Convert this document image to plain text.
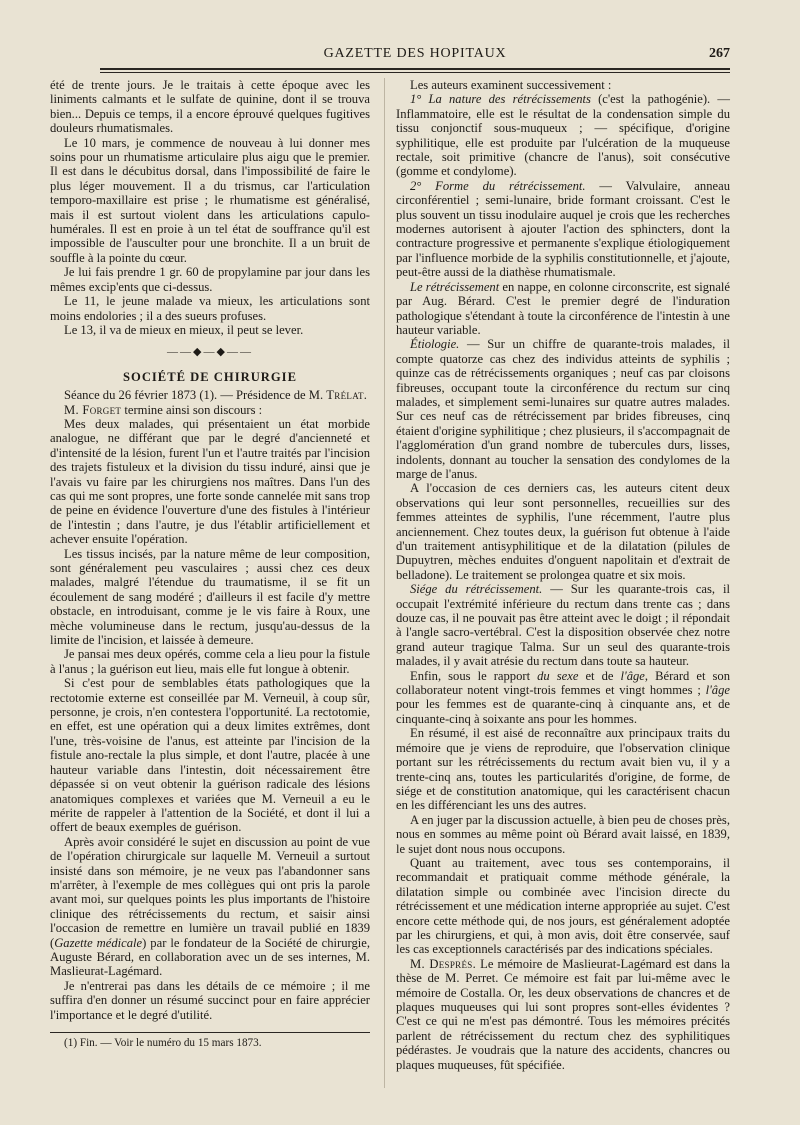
GAZETTE DES HOPITAUX	267

été de trente jours. Je le traitais à cette époque avec les liniments calmants et le sulfate de quinine, dont il se trouva bien... Depuis ce temps, il a encore éprouvé quelques fugitives douleurs rhumatismales.

Le 10 mars, je commence de nouveau à lui donner mes soins pour un rhumatisme articulaire plus aigu que le premier. Il est dans le décubitus dorsal, dans l'impossibilité de faire le plus léger mouvement. Il a du trismus, car l'articulation temporo-maxillaire est prise ; le rhumatisme est généralisé, mais il est surtout violent dans les articulations capulo-humérales. Il est en proie à un tel état de souffrance qu'il est impossible de l'ausculter pour une bronchite. Il a un bruit de souffle à la pointe du cœur.

Je lui fais prendre 1 gr. 60 de propylamine par jour dans les mêmes excip'ents que ci-dessus.

Le 11, le jeune malade va mieux, les articulations sont moins endolories ; il a des sueurs profuses.

Le 13, il va de mieux en mieux, il peut se lever.

——◆—◆——
SOCIÉTÉ DE CHIRURGIE

Séance du 26 février 1873 (1). — Présidence de M. Trélat.

M. Forget termine ainsi son discours :

Mes deux malades, qui présentaient un état morbide analogue, ne différant que par le degré d'ancienneté et d'intensité de la lésion, furent l'un et l'autre traités par l'incision des trajets fistuleux et la division du tissu induré, ainsi que je l'avais vu faire par les chirurgiens nos maîtres. Dans l'un des cas qui me sont propres, une forte sonde cannelée mit sans trop de peine en évidence l'ouverture d'une des fistules à l'intérieur de l'intestin ; dans l'autre, je dus l'établir artificiellement et achever ensuite l'opération.

Les tissus incisés, par la nature même de leur composition, sont généralement peu vasculaires ; aussi chez ces deux malades, malgré l'étendue du traumatisme, il se fit un écoulement de sang modéré ; d'ailleurs il est facile d'y mettre obstacle, en introduisant, comme je le vis faire à Roux, une mèche volumineuse dans le rectum, jusqu'au-dessus de la limite de l'incision, et laissée à demeure.

Je pansai mes deux opérés, comme cela a lieu pour la fistule à l'anus ; la guérison eut lieu, mais elle fut longue à obtenir.

Si c'est pour de semblables états pathologiques que la rectotomie externe est conseillée par M. Verneuil, à coup sûr, personne, je crois, n'en contestera l'opportunité. La rectotomie, en effet, est une opération qui a deux limites extrêmes, dont l'une, très-voisine de l'anus, est atteinte par l'incision de la fistule ano-rectale la plus simple, et dont l'autre, placée à une hauteur variable dans l'intestin, doit nécessairement être dépassée si on veut obtenir la guérison radicale des lésions anatomiques complexes et variées que M. Verneuil a eu le mérite de rappeler à l'attention de la Société, et dont il lui a offert de beaux exemples de guérison.

Après avoir considéré le sujet en discussion au point de vue de l'opération chirurgicale sur laquelle M. Verneuil a surtout insisté dans son mémoire, je ne veux pas l'abandonner sans m'arrêter, à l'exemple de mes collègues qui ont pris la parole avant moi, sur quelques points les plus importants de l'histoire clinique des rétrécissements du rectum, et saisir ainsi l'occasion de remettre en lumière un travail publié en 1839 (Gazette médicale) par le fondateur de la Société de chirurgie, Auguste Bérard, en collaboration avec un de ses internes, M. Maslieurat-Lagémard.

Je n'entrerai pas dans les détails de ce mémoire ; il me suffira d'en donner un résumé succinct pour en faire apprécier l'importance et le degré d'utilité.

(1) Fin. — Voir le numéro du 15 mars 1873.

Les auteurs examinent successivement :

1° La nature des rétrécissements (c'est la pathogénie). — Inflammatoire, elle est le résultat de la condensation simple du tissu conjonctif sous-muqueux ; — spécifique, d'origine syphilitique, elle est produite par l'ulcération de la muqueuse rectale, soit primitive (chancre de l'anus), soit consécutive (gomme et condylome).

2° Forme du rétrécissement. — Valvulaire, anneau circonférentiel ; semi-lunaire, bride formant croissant. C'est le plus souvent un tissu inodulaire auquel je crois que les recherches modernes autorisent à ajouter l'action des sphincters, dont la contracture progressive et permanente s'explique étiologiquement par l'influence morbide de la syphilis constitutionnelle, et j'ajoute, peut-être aussi de la diathèse rhumatismale.

Le rétrécissement en nappe, en colonne circonscrite, est signalé par Aug. Bérard. C'est le premier degré de l'induration pathologique s'étendant à toute la circonférence de l'intestin à une hauteur variable.

Étiologie. — Sur un chiffre de quarante-trois malades, il compte quatorze cas chez des individus atteints de syphilis ; quinze cas de rétrécissements organiques ; neuf cas par cloisons fibreuses, occupant toute la circonférence du rectum sur cinq malades, et simplement semi-lunaires sur quatre autres malades. Sur ces neuf cas de rétrécissement par brides fibreuses, cinq étaient d'origine syphilitique ; chez plusieurs, il s'accompagnait de l'agglomération d'un grand nombre de tubercules durs, lisses, indolents, donnant au toucher la sensation des condylomes de la marge de l'anus.

A l'occasion de ces derniers cas, les auteurs citent deux observations qui leur sont personnelles, recueillies sur des femmes atteintes de syphilis, l'une récemment, l'autre plus anciennement. Chez toutes deux, la guérison fut obtenue à l'aide d'un traitement antisyphilitique et de la dilatation (pilules de Dupuytren, mèches enduites d'onguent napolitain et d'extrait de belladone). Le traitement se prolongea quatre et six mois.

Siége du rétrécissement. — Sur les quarante-trois cas, il occupait l'extrémité inférieure du rectum dans trente cas ; dans douze cas, il ne pouvait pas être atteint avec le doigt ; il répondait à l'angle sacro-vertébral. C'est la disposition observée chez notre grand auteur tragique Talma. Sur un seul des quarante-trois malades, il y avait atrésie du rectum dans toute sa hauteur.

Enfin, sous le rapport du sexe et de l'âge, Bérard et son collaborateur notent vingt-trois femmes et vingt hommes ; l'âge pour les femmes est de quarante-cinq à cinquante ans, et de cinquante-cinq à soixante ans pour les hommes.

En résumé, il est aisé de reconnaître aux principaux traits du mémoire que je viens de reproduire, que l'observation clinique portant sur les rétrécissements du rectum avait bien vu, il y a trente-cinq ans, toutes les particularités d'origine, de forme, de siége et de constitution anatomique, qui les caractérisent chacun en les différenciant les uns des autres.

A en juger par la discussion actuelle, à bien peu de choses près, nous en sommes au même point où Bérard avait laissé, en 1839, le sujet dont nous nous occupons.

Quant au traitement, avec tous ses contemporains, il recommandait et pratiquait comme méthode générale, la dilatation simple ou combinée avec l'incision directe du rétrécissement et une médication interne appropriée au sujet. C'est encore cette méthode qui, de nos jours, est généralement adoptée par les chirurgiens, et qui, à mon avis, doit être conservée, sauf les cas exceptionnels caractérisés par des indications spéciales.

M. Després. Le mémoire de Maslieurat-Lagémard est dans la thèse de M. Perret. Ce mémoire est fait par lui-même avec le mémoire de Costalla. Or, les deux observations de chancres et de plaques muqueuses qui lui sont propres sont-elles évidentes ? C'est ce qui ne m'est pas démontré. Tous les mémoires précités parlent de rétrécissement du rectum chez des syphilitiques pédérastes. Je voudrais que la nature des accidents, chancres ou plaques muqueuses, fût spécifiée.
